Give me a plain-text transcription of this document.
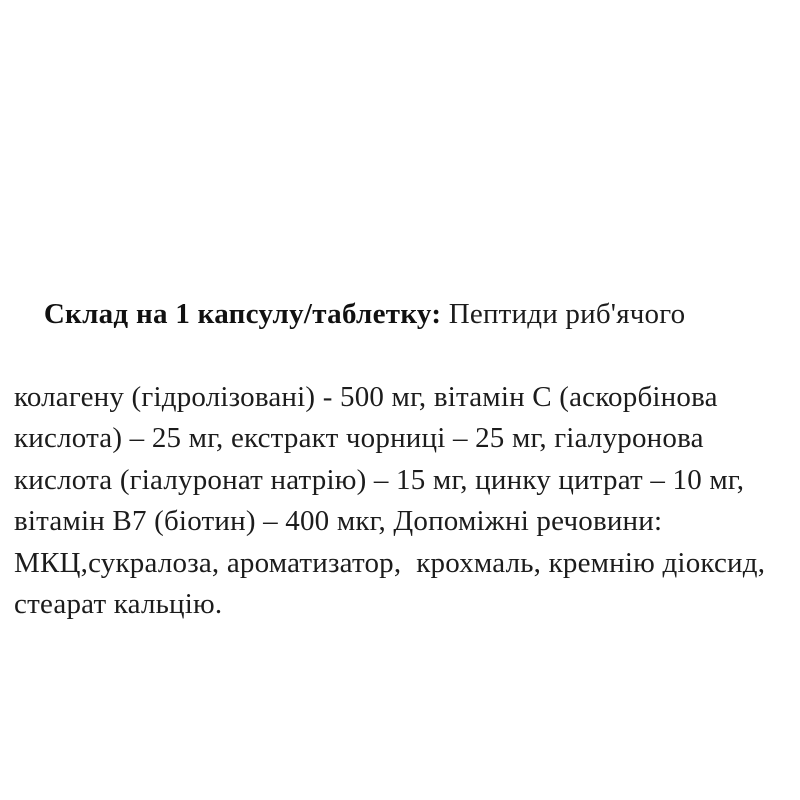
Склад на 1 капсулу/таблетку: Пептиди риб'ячого

колагену (гідролізовані) - 500 мг, вітамін С (аскорбінова
кислота) – 25 мг, екстракт чорниці – 25 мг, гіалуронова
кислота (гіалуронат натрію) – 15 мг, цинку цитрат – 10 мг,
вітамін В7 (біотин) – 400 мкг, Допоміжні речовини:
МКЦ,сукралоза, ароматизатор,  крохмаль, кремнію діоксид,
стеарат кальцію.
